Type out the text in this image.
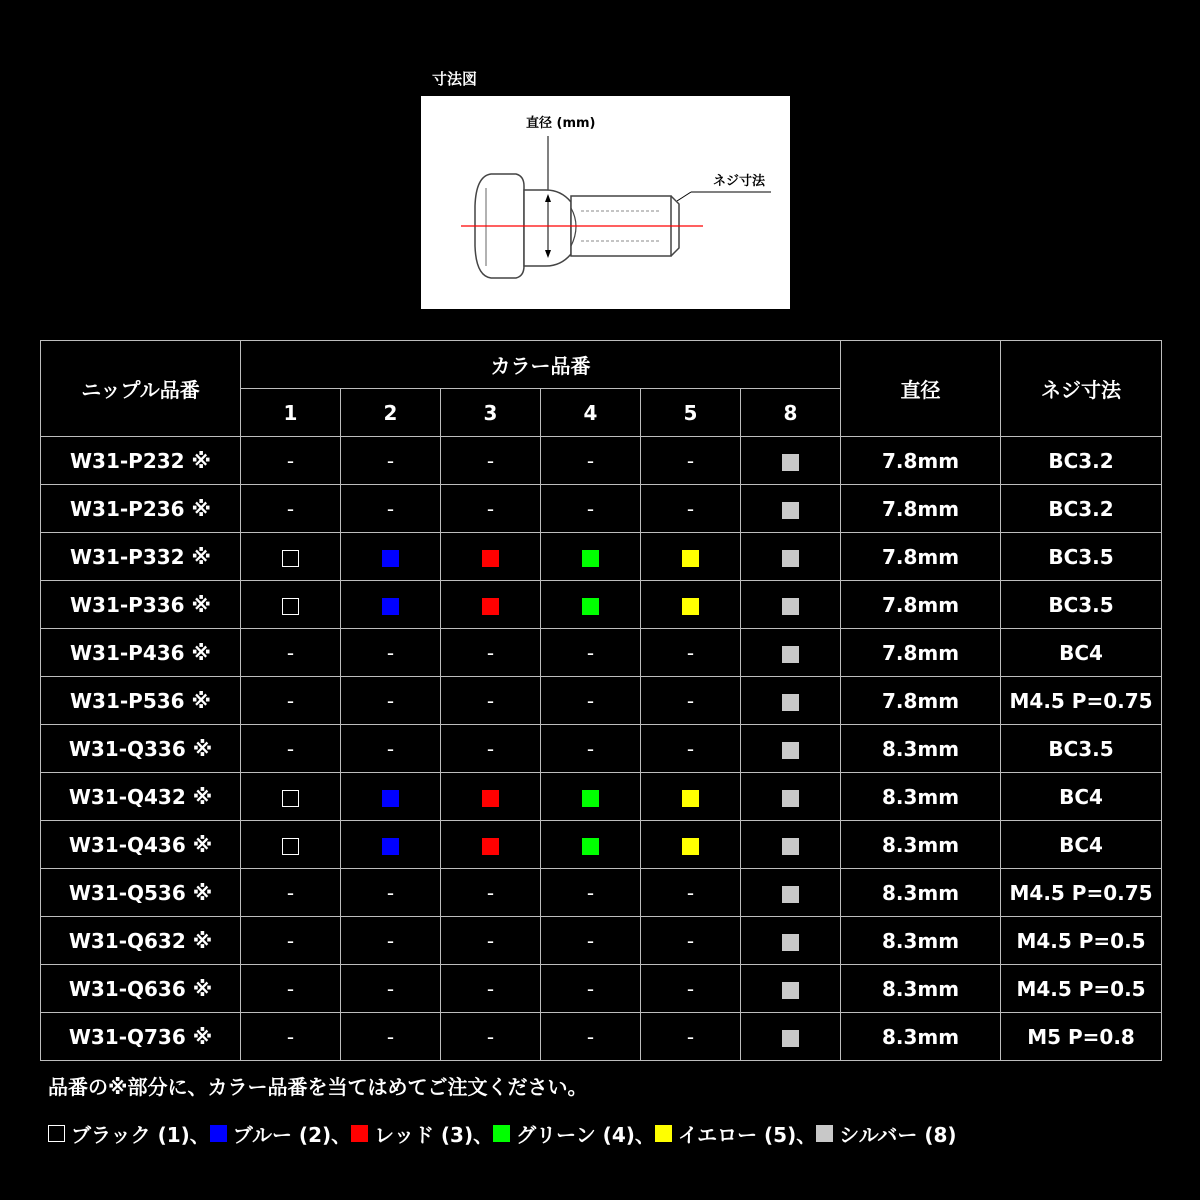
寸法図
直径 (mm)
ネジ寸法
ニップル品番	カラー品番						直径	ネジ寸法
	1	2	3	4	5	8		
W31-P232 ※	-	-	-	-	-		7.8mm	BC3.2
W31-P236 ※	-	-	-	-	-		7.8mm	BC3.2
W31-P332 ※							7.8mm	BC3.5
W31-P336 ※							7.8mm	BC3.5
W31-P436 ※	-	-	-	-	-		7.8mm	BC4
W31-P536 ※	-	-	-	-	-		7.8mm	M4.5 P=0.75
W31-Q336 ※	-	-	-	-	-		8.3mm	BC3.5
W31-Q432 ※							8.3mm	BC4
W31-Q436 ※							8.3mm	BC4
W31-Q536 ※	-	-	-	-	-		8.3mm	M4.5 P=0.75
W31-Q632 ※	-	-	-	-	-		8.3mm	M4.5 P=0.5
W31-Q636 ※	-	-	-	-	-		8.3mm	M4.5 P=0.5
W31-Q736 ※	-	-	-	-	-		8.3mm	M5 P=0.8
品番の※部分に、カラー品番を当てはめてご注文ください。
ブラック (1)、 ブルー (2)、 レッド (3)、 グリーン (4)、 イエロー (5)、 シルバー (8)
